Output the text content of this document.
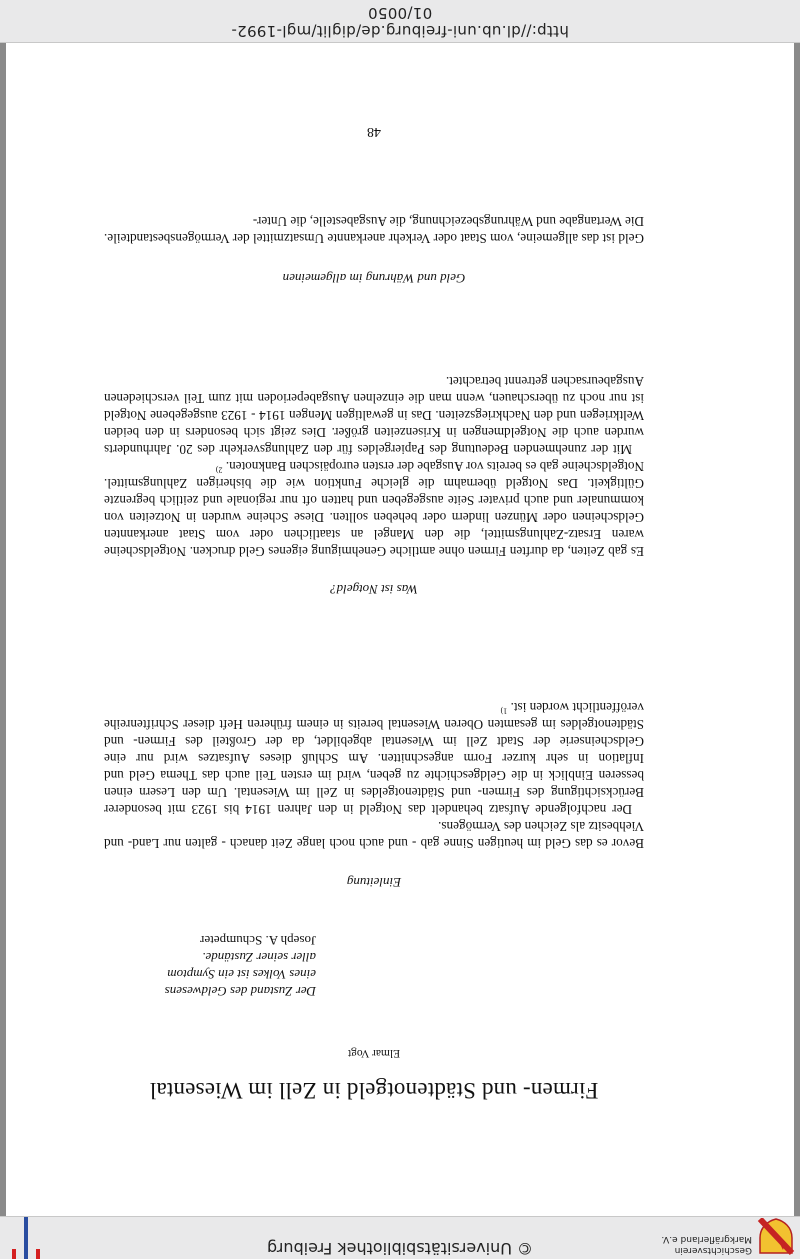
Geschichtsverein
Markgräflerland e.V.
© Universitätsbibliothek Freiburg
Firmen- und Städtenotgeld in Zell im Wiesental
Elmar Vogt
Der Zustand des Geldwesens
eines Volkes ist ein Symptom
aller seiner Zustände.
Joseph A. Schumpeter
Einleitung

Bevor es das Geld im heutigen Sinne gab - und auch noch lange Zeit danach - galten nur Land- und Viehbesitz als Zeichen des Vermögens.

Der nachfolgende Aufsatz behandelt das Notgeld in den Jahren 1914 bis 1923 mit besonderer Berücksichtigung des Firmen- und Städtenotgeldes in Zell im Wiesental. Um den Lesern einen besseren Einblick in die Geldgeschichte zu geben, wird im ersten Teil auch das Thema Geld und Inflation in sehr kurzer Form angeschnitten. Am Schluß dieses Aufsatzes wird nur eine Geldscheinserie der Stadt Zell im Wiesental abgebildet, da der Großteil des Firmen- und Städtenotgeldes im gesamten Oberen Wiesental bereits in einem früheren Heft dieser Schriftenreihe veröffentlicht worden ist. $^{1)}$

Was ist Notgeld?

Es gab Zeiten, da durften Firmen ohne amtliche Genehmigung eigenes Geld drucken. Notgeldscheine waren Ersatz-Zahlungsmittel, die den Mangel an staatlichen oder vom Staat anerkannten Geldscheinen oder Münzen lindern oder beheben sollten. Diese Scheine wurden in Notzeiten von kommunaler und auch privater Seite ausgegeben und hatten oft nur regionale und zeitlich begrenzte Gültigkeit. Das Notgeld übernahm die gleiche Funktion wie die bisherigen Zahlungsmittel. Notgeldscheine gab es bereits vor Ausgabe der ersten europäischen Banknoten. $^{2)}$

Mit der zunehmenden Bedeutung des Papiergeldes für den Zahlungsverkehr des 20. Jahrhunderts wurden auch die Notgeldmengen in Krisenzeiten größer. Dies zeigt sich besonders in den beiden Weltkriegen und den Nachkriegszeiten. Das in gewaltigen Mengen 1914 - 1923 ausgegebene Notgeld ist nur noch zu überschauen, wenn man die einzelnen Ausgabeperioden mit zum Teil verschiedenen Ausgabeursachen getrennt betrachtet.

Geld und Währung im allgemeinen

Geld ist das allgemeine, vom Staat oder Verkehr anerkannte Umsatzmittel der Vermögensbestandteile. Die Wertangabe und Währungsbezeichnung, die Ausgabestelle, die Unter-

48
http://dl.ub.uni-freiburg.de/diglit/mgl-1992-01/0050
